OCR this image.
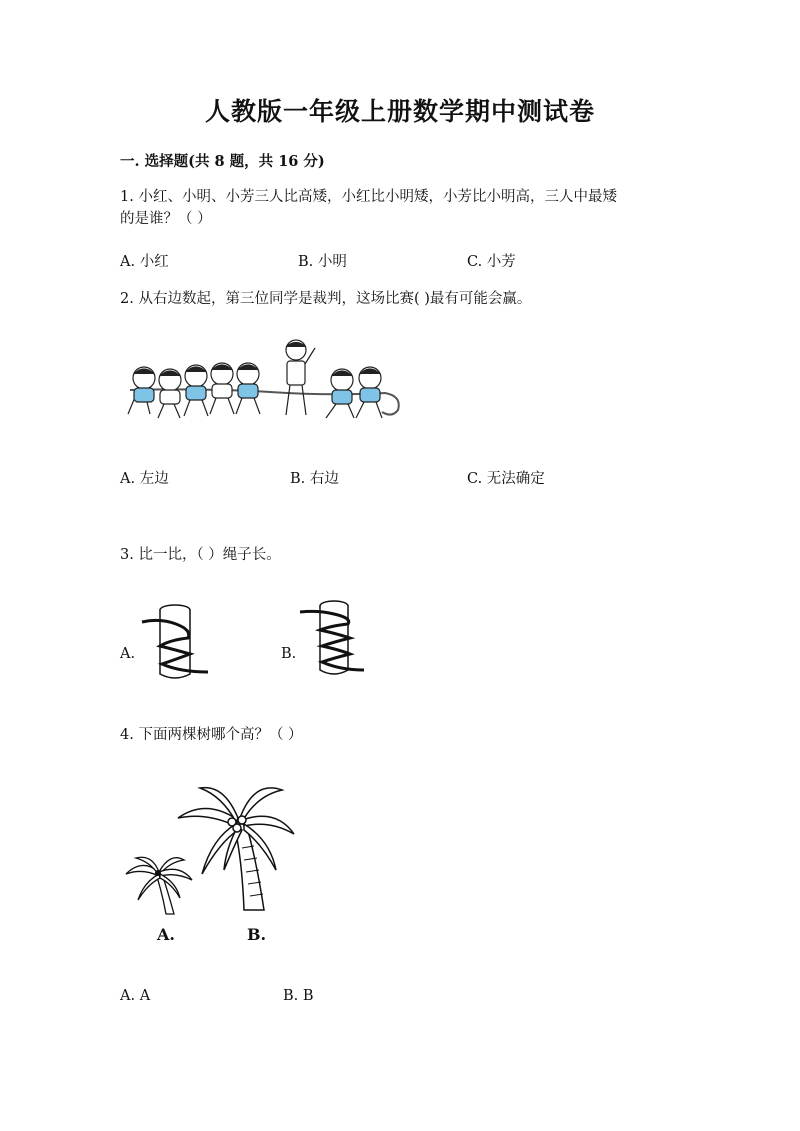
人教版一年级上册数学期中测试卷
一. 选择题(共 8 题，共 16 分)
1. 小红、小明、小芳三人比高矮，小红比小明矮，小芳比小明高，三人中最矮
的是谁？（ ）
A. 小红	B. 小明	C. 小芳
2. 从右边数起，第三位同学是裁判，这场比赛( )最有可能会赢。
A. 左边	B. 右边	C. 无法确定
3. 比一比，（ ）绳子长。
A.	B.
4. 下面两棵树哪个高？（ ）
A.	B.
A. A	B. B
